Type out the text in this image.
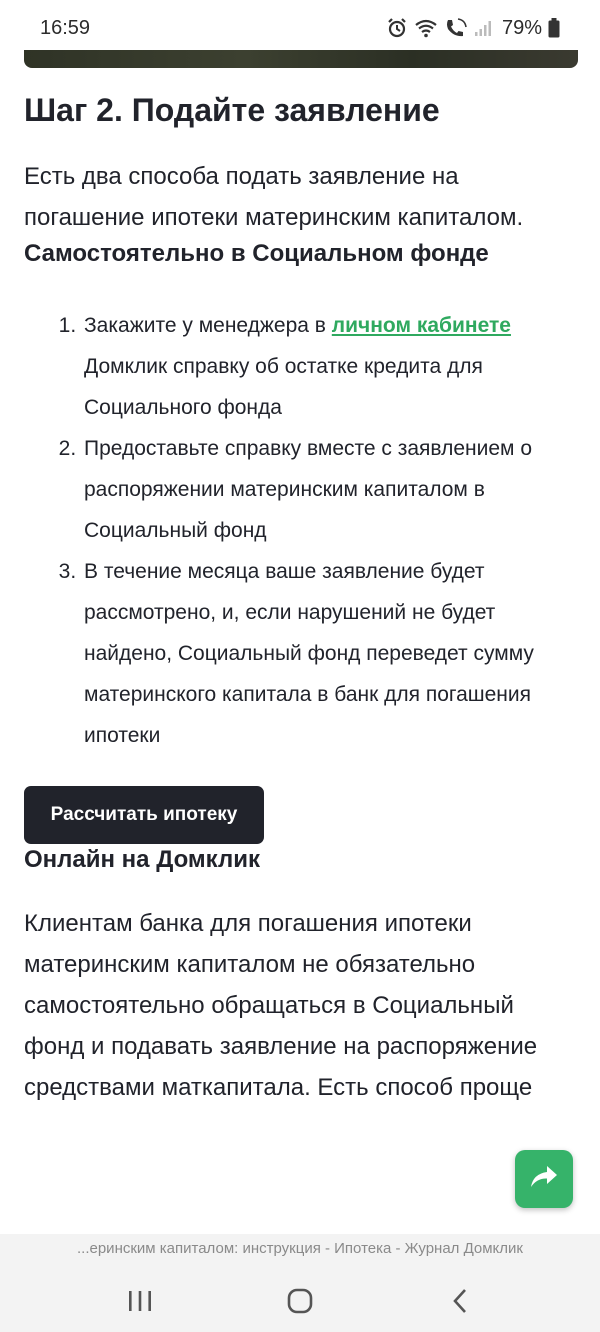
16:59	79%
Шаг 2. Подайте заявление

Есть два способа подать заявление на погашение ипотеки материнским капиталом.

Самостоятельно в Социальном фонде
1. Закажите у менеджера в личном кабинете Домклик справку об остатке кредита для Социального фонда
2. Предоставьте справку вместе с заявлением о распоряжении материнским капиталом в Социальный фонд
3. В течение месяца ваше заявление будет рассмотрено, и, если нарушений не будет найдено, Социальный фонд переведет сумму материнского капитала в банк для погашения ипотеки
Рассчитать ипотеку
Онлайн на Домклик

Клиентам банка для погашения ипотеки материнским капиталом не обязательно самостоятельно обращаться в Социальный фонд и подавать заявление на распоряжение средствами маткапитала. Есть способ проще

...еринским капиталом: инструкция - Ипотека - Журнал Домклик
